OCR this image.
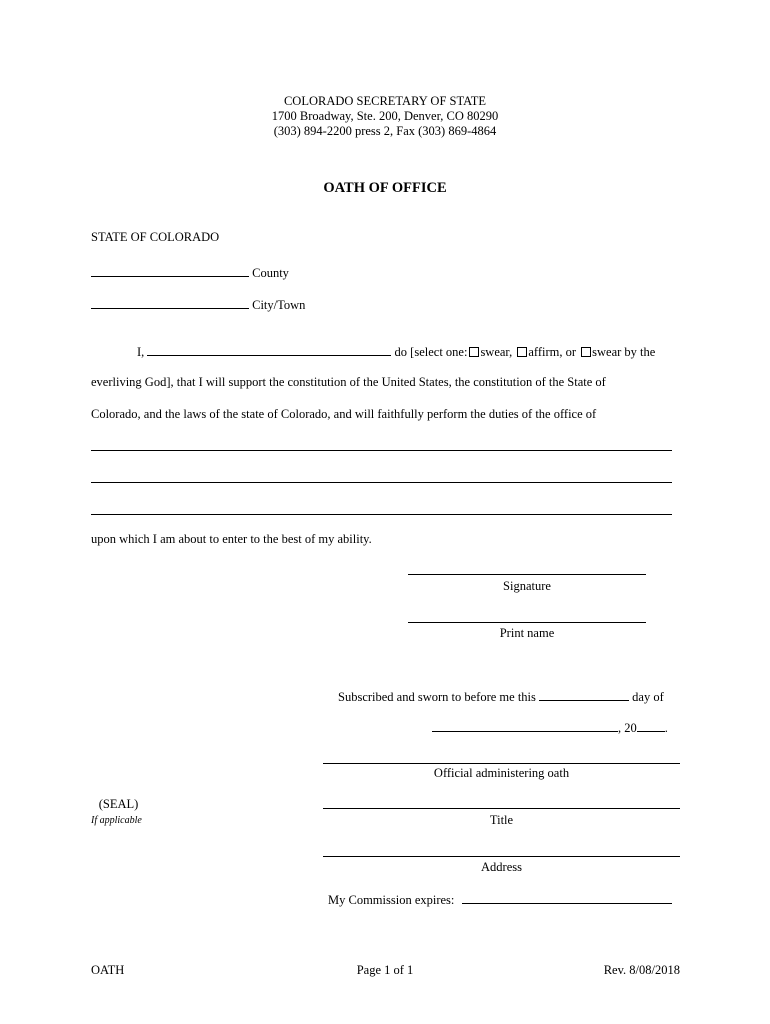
COLORADO SECRETARY OF STATE
1700 Broadway, Ste. 200, Denver, CO 80290
(303) 894-2200 press 2, Fax (303) 869-4864
OATH OF OFFICE
STATE OF COLORADO
County
City/Town
I,	do [select one: swear, affirm, or swear by the
everliving God], that I will support the constitution of the United States, the constitution of the State of
Colorado, and the laws of the state of Colorado, and will faithfully perform the duties of the office of
upon which I am about to enter to the best of my ability.
Signature
Print name
Subscribed and sworn to before me this	day of
, 20 .
Official administering oath
(SEAL)
If applicable	Title
Address
My Commission expires:
OATH	Page 1 of 1	Rev. 8/08/2018
